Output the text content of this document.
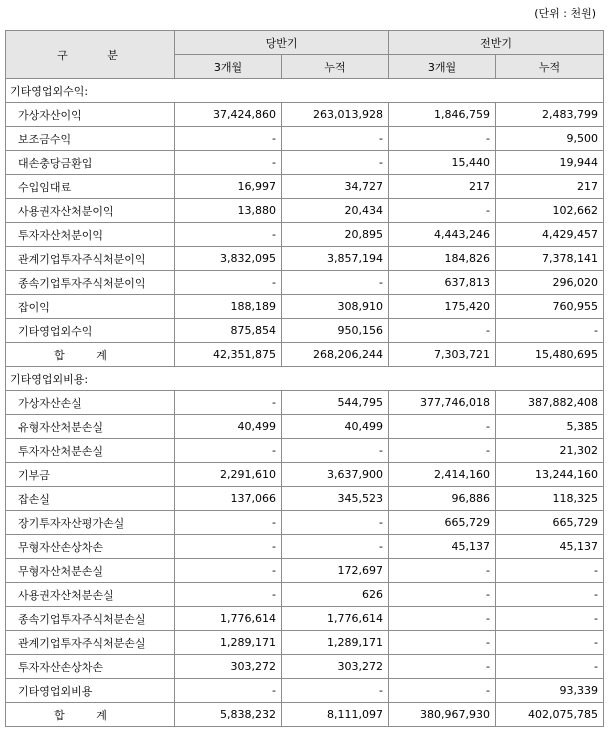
(단위 : 천원)
구 분	당반기		전반기	
	3개월	누적	3개월	누적
기타영업외수익:				
가상자산이익	37,424,860	263,013,928	1,846,759	2,483,799
보조금수익	-	-	-	9,500
대손충당금환입	-	-	15,440	19,944
수입임대료	16,997	34,727	217	217
사용권자산처분이익	13,880	20,434	-	102,662
투자자산처분이익	-	20,895	4,443,246	4,429,457
관계기업투자주식처분이익	3,832,095	3,857,194	184,826	7,378,141
종속기업투자주식처분이익	-	-	637,813	296,020
잡이익	188,189	308,910	175,420	760,955
기타영업외수익	875,854	950,156	-	-
합 계	42,351,875	268,206,244	7,303,721	15,480,695
기타영업외비용:				
가상자산손실	-	544,795	377,746,018	387,882,408
유형자산처분손실	40,499	40,499	-	5,385
투자자산처분손실	-	-	-	21,302
기부금	2,291,610	3,637,900	2,414,160	13,244,160
잡손실	137,066	345,523	96,886	118,325
장기투자자산평가손실	-	-	665,729	665,729
무형자산손상차손	-	-	45,137	45,137
무형자산처분손실	-	172,697	-	-
사용권자산처분손실	-	626	-	-
종속기업투자주식처분손실	1,776,614	1,776,614	-	-
관계기업투자주식처분손실	1,289,171	1,289,171	-	-
투자자산손상차손	303,272	303,272	-	-
기타영업외비용	-	-	-	93,339
합 계	5,838,232	8,111,097	380,967,930	402,075,785
